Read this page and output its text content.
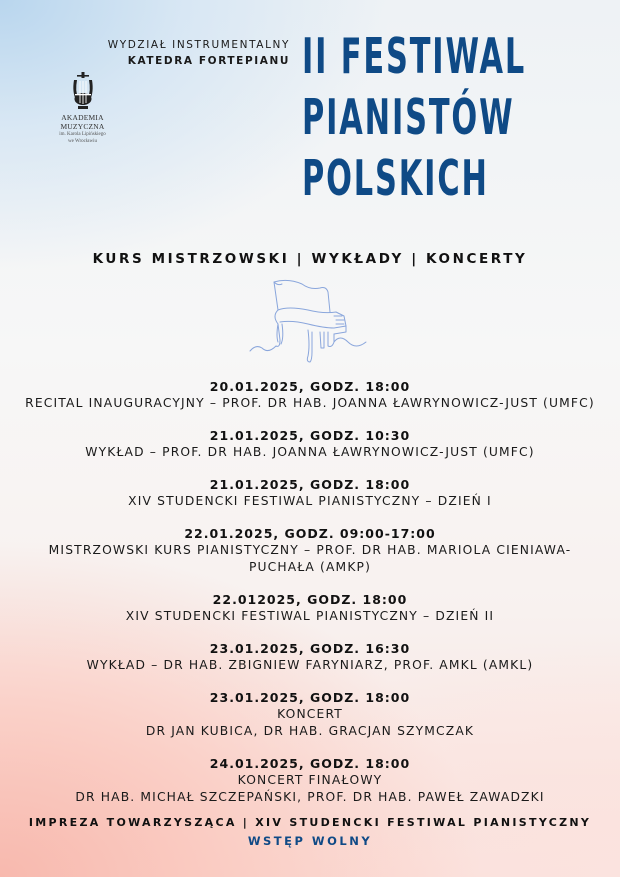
WYDZIAŁ INSTRUMENTALNY
KATEDRA FORTEPIANU
AKADEMIA MUZYCZNA
im. Karola Lipińskiego
we Wrocławiu
II FESTIWAL
PIANISTÓW
POLSKICH
KURS MISTRZOWSKI | WYKŁADY | KONCERTY
20.01.2025, GODZ. 18:00
RECITAL INAUGURACYJNY – PROF. DR HAB. JOANNA ŁAWRYNOWICZ-JUST (UMFC)
21.01.2025, GODZ. 10:30
WYKŁAD – PROF. DR HAB. JOANNA ŁAWRYNOWICZ-JUST (UMFC)
21.01.2025, GODZ. 18:00
XIV STUDENCKI FESTIWAL PIANISTYCZNY – DZIEŃ I
22.01.2025, GODZ. 09:00-17:00
MISTRZOWSKI KURS PIANISTYCZNY – PROF. DR HAB. MARIOLA CIENIAWA-
PUCHAŁA (AMKP)
22.012025, GODZ. 18:00
XIV STUDENCKI FESTIWAL PIANISTYCZNY – DZIEŃ II
23.01.2025, GODZ. 16:30
WYKŁAD – DR HAB. ZBIGNIEW FARYNIARZ, PROF. AMKL (AMKL)
23.01.2025, GODZ. 18:00
KONCERT
DR JAN KUBICA, DR HAB. GRACJAN SZYMCZAK
24.01.2025, GODZ. 18:00
KONCERT FINAŁOWY
DR HAB. MICHAŁ SZCZEPAŃSKI, PROF. DR HAB. PAWEŁ ZAWADZKI
IMPREZA TOWARZYSZĄCA | XIV STUDENCKI FESTIWAL PIANISTYCZNY
WSTĘP WOLNY
